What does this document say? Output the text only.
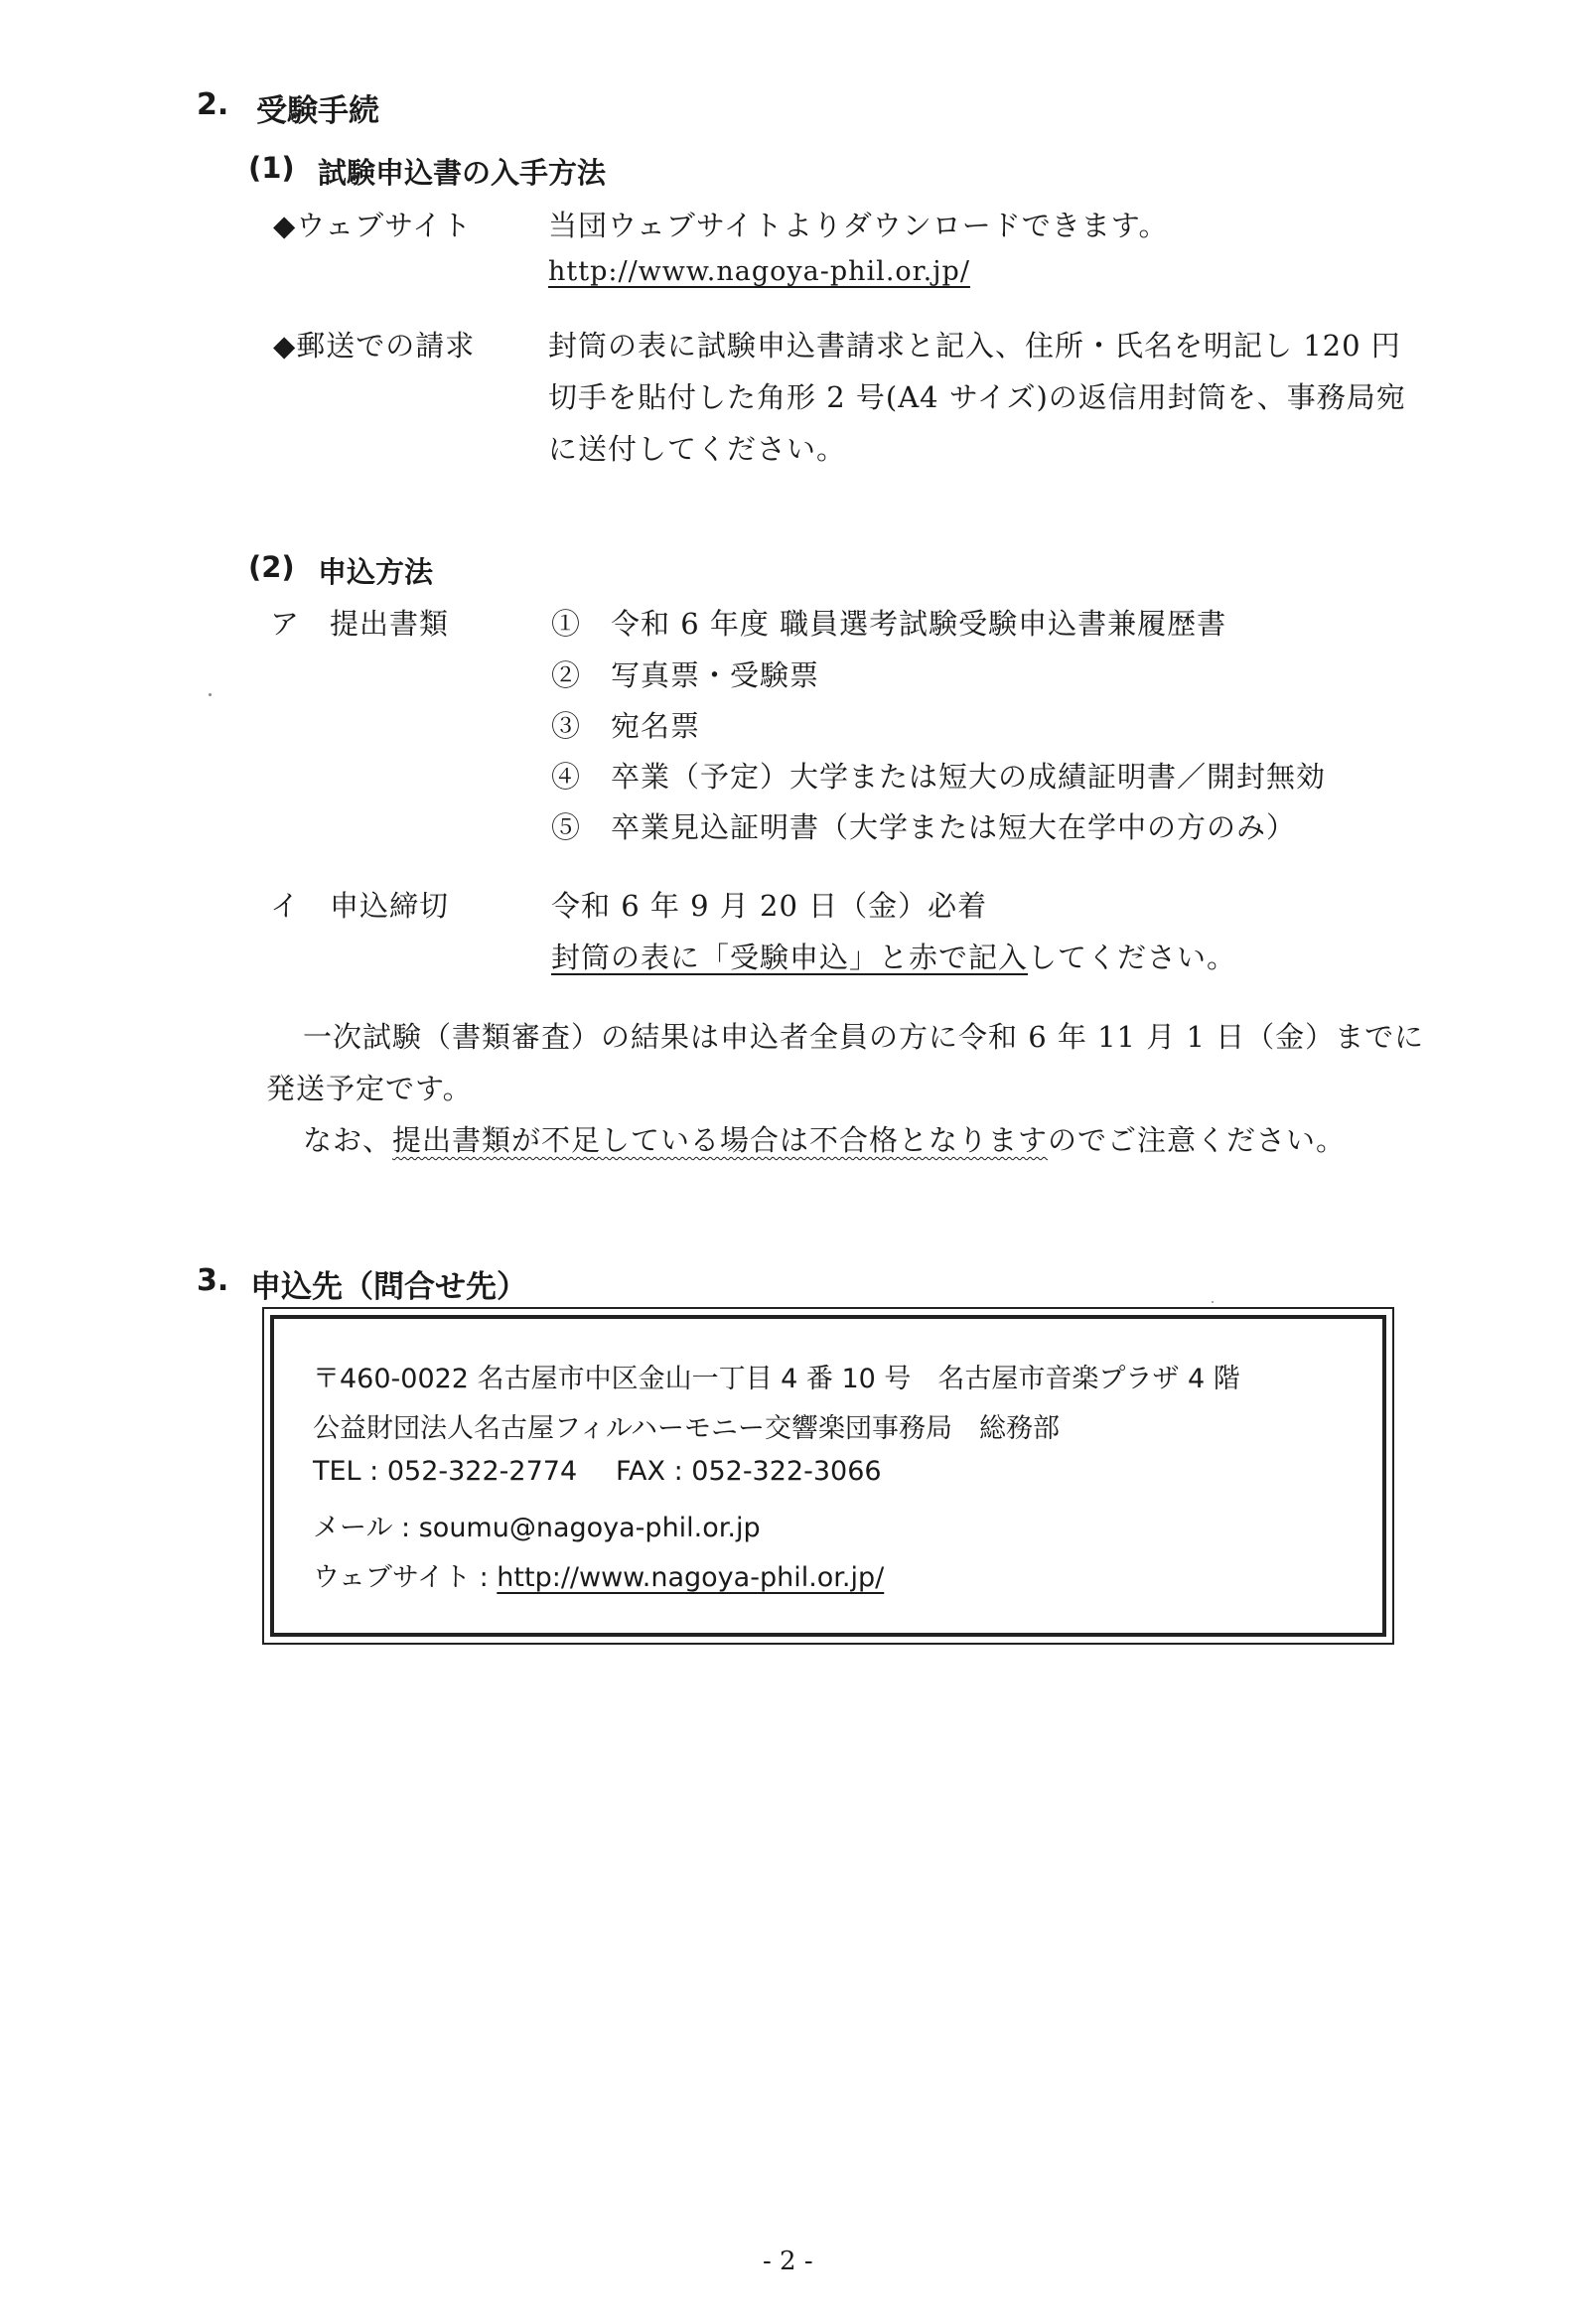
2. 受験手続
(1) 試験申込書の入手方法
◆ウェブサイト	当団ウェブサイトよりダウンロードできます。
http://www.nagoya-phil.or.jp/
◆郵送での請求	封筒の表に試験申込書請求と記入、住所・氏名を明記し 120 円
切手を貼付した角形 2 号(A4 サイズ)の返信用封筒を、事務局宛
に送付してください。
(2) 申込方法
ア　提出書類	①　令和 6 年度 職員選考試験受験申込書兼履歴書
②　写真票・受験票
③　宛名票
④　卒業（予定）大学または短大の成績証明書／開封無効
⑤　卒業見込証明書（大学または短大在学中の方のみ）
イ　申込締切	令和 6 年 9 月 20 日（金）必着
封筒の表に「受験申込」と赤で記入してください。
一次試験（書類審査）の結果は申込者全員の方に令和 6 年 11 月 1 日（金）までに
発送予定です。
なお、提出書類が不足している場合は不合格となりますのでご注意ください。
3. 申込先（問合せ先）
〒460-0022 名古屋市中区金山一丁目 4 番 10 号　名古屋市音楽プラザ 4 階
公益財団法人名古屋フィルハーモニー交響楽団事務局　総務部
TEL : 052-322-2774 FAX : 052-322-3066
メール : soumu@nagoya-phil.or.jp
ウェブサイト : http://www.nagoya-phil.or.jp/
- 2 -
